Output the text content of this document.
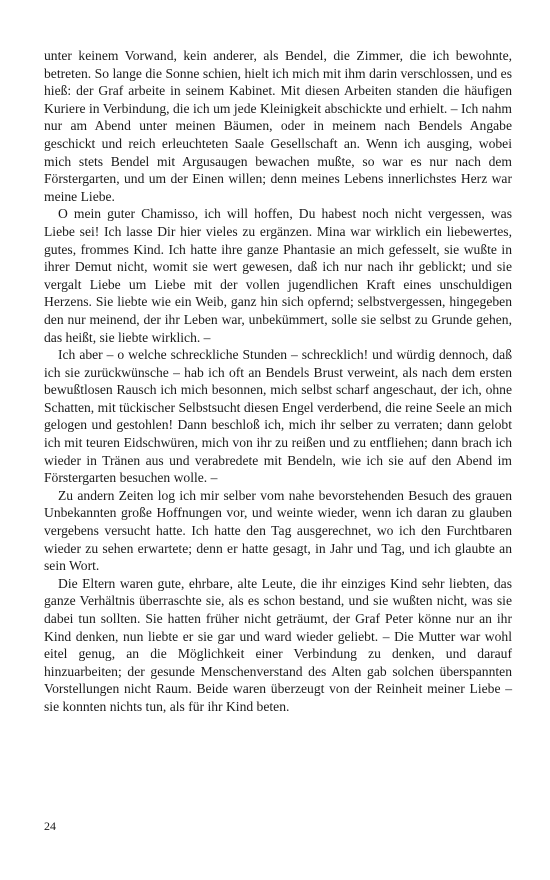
unter keinem Vorwand, kein anderer, als Bendel, die Zimmer, die ich bewohnte, betreten. So lange die Sonne schien, hielt ich mich mit ihm darin verschlossen, und es hieß: der Graf arbeite in seinem Kabinet. Mit diesen Arbeiten standen die häufigen Kuriere in Verbindung, die ich um jede Kleinigkeit abschickte und erhielt. – Ich nahm nur am Abend unter meinen Bäumen, oder in meinem nach Bendels Angabe geschickt und reich erleuchteten Saale Gesellschaft an. Wenn ich ausging, wobei mich stets Bendel mit Argusaugen bewachen mußte, so war es nur nach dem Förstergarten, und um der Einen willen; denn meines Lebens innerlichstes Herz war meine Liebe.

O mein guter Chamisso, ich will hoffen, Du habest noch nicht vergessen, was Liebe sei! Ich lasse Dir hier vieles zu ergänzen. Mina war wirklich ein liebewertes, gutes, frommes Kind. Ich hatte ihre ganze Phantasie an mich gefesselt, sie wußte in ihrer Demut nicht, womit sie wert gewesen, daß ich nur nach ihr geblickt; und sie vergalt Liebe um Liebe mit der vollen jugendlichen Kraft eines unschuldigen Herzens. Sie liebte wie ein Weib, ganz hin sich opfernd; selbstvergessen, hingegeben den nur meinend, der ihr Leben war, unbekümmert, solle sie selbst zu Grunde gehen, das heißt, sie liebte wirklich. –

Ich aber – o welche schreckliche Stunden – schrecklich! und würdig dennoch, daß ich sie zurückwünsche – hab ich oft an Bendels Brust verweint, als nach dem ersten bewußtlosen Rausch ich mich besonnen, mich selbst scharf angeschaut, der ich, ohne Schatten, mit tückischer Selbstsucht diesen Engel verderbend, die reine Seele an mich gelogen und gestohlen! Dann beschloß ich, mich ihr selber zu verraten; dann gelobt ich mit teuren Eidschwüren, mich von ihr zu reißen und zu entfliehen; dann brach ich wieder in Tränen aus und verabredete mit Bendeln, wie ich sie auf den Abend im Förstergarten besuchen wolle. –

Zu andern Zeiten log ich mir selber vom nahe bevorstehenden Besuch des grauen Unbekannten große Hoffnungen vor, und weinte wieder, wenn ich daran zu glauben vergebens versucht hatte. Ich hatte den Tag ausgerechnet, wo ich den Furchtbaren wieder zu sehen erwartete; denn er hatte gesagt, in Jahr und Tag, und ich glaubte an sein Wort.

Die Eltern waren gute, ehrbare, alte Leute, die ihr einziges Kind sehr liebten, das ganze Verhältnis überraschte sie, als es schon bestand, und sie wußten nicht, was sie dabei tun sollten. Sie hatten früher nicht geträumt, der Graf Peter könne nur an ihr Kind denken, nun liebte er sie gar und ward wieder geliebt. – Die Mutter war wohl eitel genug, an die Möglichkeit einer Verbindung zu denken, und darauf hinzuarbeiten; der gesunde Menschenverstand des Alten gab solchen überspannten Vorstellungen nicht Raum. Beide waren überzeugt von der Reinheit meiner Liebe – sie konnten nichts tun, als für ihr Kind beten.

24
